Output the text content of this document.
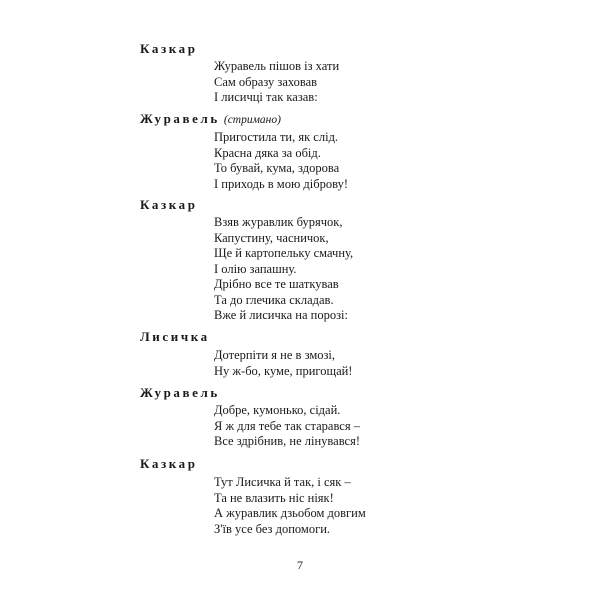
Казкар
Журавель пішов із хати
Сам образу заховав
І лисичці так казав:
Журавель (стримано)
Пригостила ти, як слід.
Красна дяка за обід.
То бувай, кума, здорова
І приходь в мою діброву!
Казкар
Взяв журавлик бурячок,
Капустину, часничок,
Ще й картопельку смачну,
І олію запашну.
Дрібно все те шаткував
Та до глечика складав.
Вже й лисичка на порозі:
Лисичка
Дотерпіти я не в змозі,
Ну ж-бо, куме, пригощай!
Журавель
Добре, кумонько, сідай.
Я ж для тебе так старався –
Все здрібнив, не лінувався!
Казкар
Тут Лисичка й так, і сяк –
Та не влазить ніс ніяк!
А журавлик дзьобом довгим
З'їв усе без допомоги.
7
